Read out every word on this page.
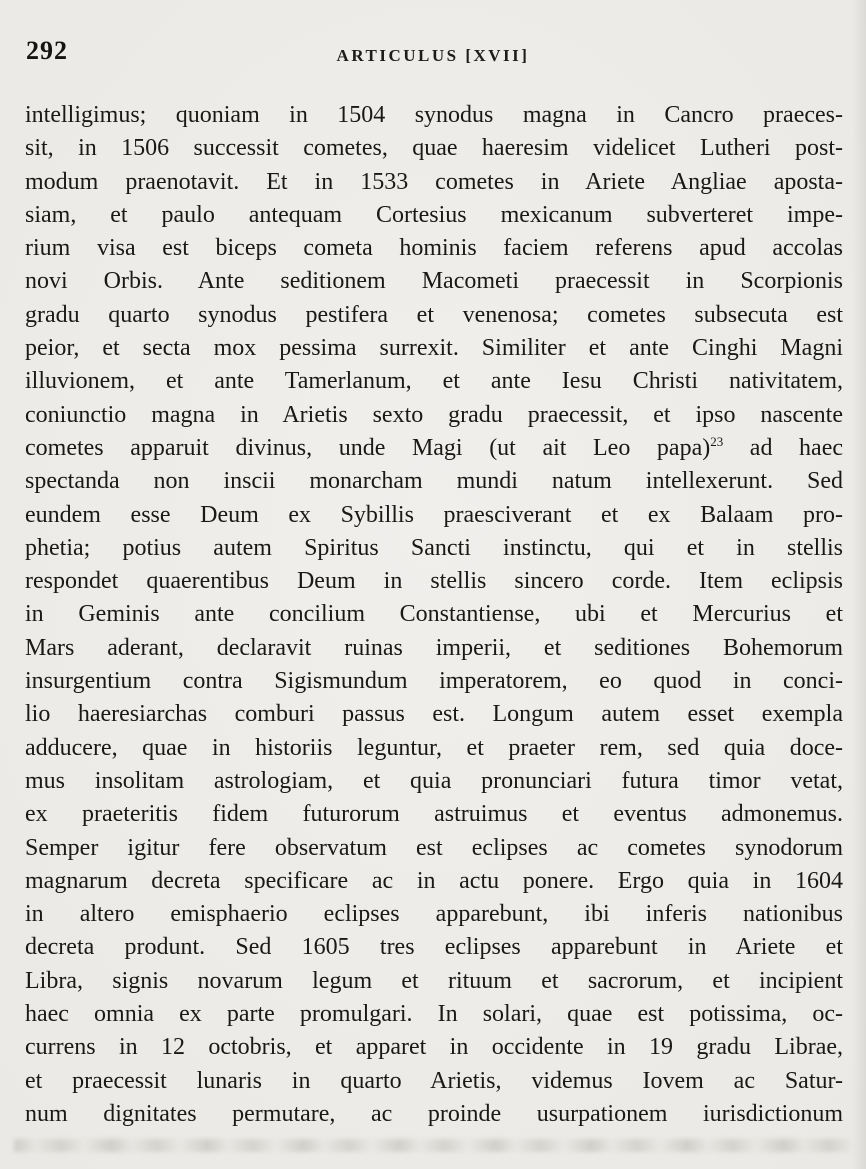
292	ARTICULUS [XVII]
intelligimus; quoniam in 1504 synodus magna in Cancro praeces-
sit, in 1506 successit cometes, quae haeresim videlicet Lutheri post-
modum praenotavit. Et in 1533 cometes in Ariete Angliae aposta-
siam, et paulo antequam Cortesius mexicanum subverteret impe-
rium visa est biceps cometa hominis faciem referens apud accolas
novi Orbis. Ante seditionem Macometi praecessit in Scorpionis
gradu quarto synodus pestifera et venenosa; cometes subsecuta est
peior, et secta mox pessima surrexit. Similiter et ante Cinghi Magni
illuvionem, et ante Tamerlanum, et ante Iesu Christi nativitatem,
coniunctio magna in Arietis sexto gradu praecessit, et ipso nascente
cometes apparuit divinus, unde Magi (ut ait Leo papa)$^{23}$ ad haec
spectanda non inscii monarcham mundi natum intellexerunt. Sed
eundem esse Deum ex Sybillis praesciverant et ex Balaam pro-
phetia; potius autem Spiritus Sancti instinctu, qui et in stellis
respondet quaerentibus Deum in stellis sincero corde. Item eclipsis
in Geminis ante concilium Constantiense, ubi et Mercurius et
Mars aderant, declaravit ruinas imperii, et seditiones Bohemorum
insurgentium contra Sigismundum imperatorem, eo quod in conci-
lio haeresiarchas comburi passus est. Longum autem esset exempla
adducere, quae in historiis leguntur, et praeter rem, sed quia doce-
mus insolitam astrologiam, et quia pronunciari futura timor vetat,
ex praeteritis fidem futurorum astruimus et eventus admonemus.
Semper igitur fere observatum est eclipses ac cometes synodorum
magnarum decreta specificare ac in actu ponere. Ergo quia in 1604
in altero emisphaerio eclipses apparebunt, ibi inferis nationibus
decreta produnt. Sed 1605 tres eclipses apparebunt in Ariete et
Libra, signis novarum legum et rituum et sacrorum, et incipient
haec omnia ex parte promulgari. In solari, quae est potissima, oc-
currens in 12 octobris, et apparet in occidente in 19 gradu Librae,
et praecessit lunaris in quarto Arietis, videmus Iovem ac Satur-
num dignitates permutare, ac proinde usurpationem iurisdictionum
